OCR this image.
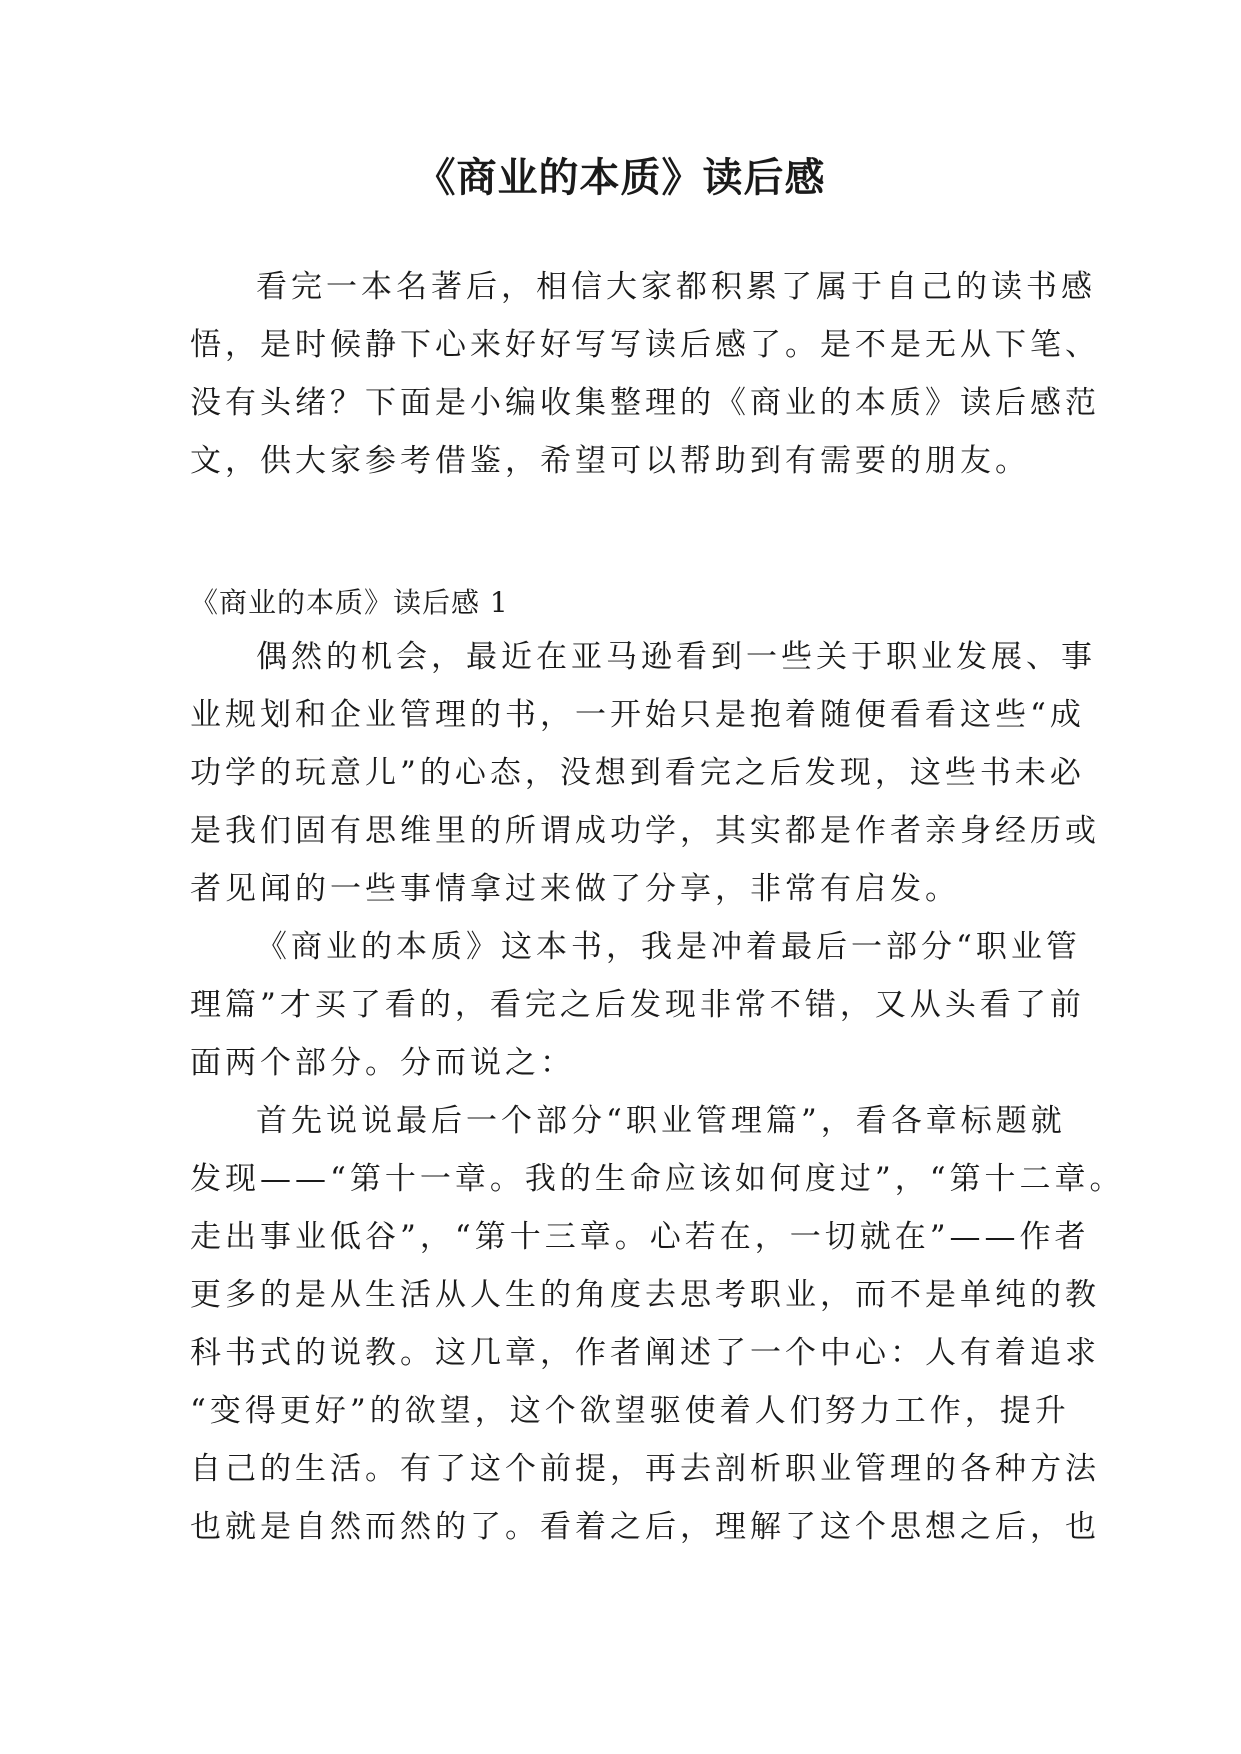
《商业的本质》读后感
看完一本名著后，相信大家都积累了属于自己的读书感
悟，是时候静下心来好好写写读后感了。是不是无从下笔、
没有头绪？下面是小编收集整理的《商业的本质》读后感范
文，供大家参考借鉴，希望可以帮助到有需要的朋友。
《商业的本质》读后感 1
偶然的机会，最近在亚马逊看到一些关于职业发展、事
业规划和企业管理的书，一开始只是抱着随便看看这些“成
功学的玩意儿”的心态，没想到看完之后发现，这些书未必
是我们固有思维里的所谓成功学，其实都是作者亲身经历或
者见闻的一些事情拿过来做了分享，非常有启发。
《商业的本质》这本书，我是冲着最后一部分“职业管
理篇”才买了看的，看完之后发现非常不错，又从头看了前
面两个部分。分而说之：
首先说说最后一个部分“职业管理篇”，看各章标题就
发现——“第十一章。我的生命应该如何度过”，“第十二章。
走出事业低谷”，“第十三章。心若在，一切就在”——作者
更多的是从生活从人生的角度去思考职业，而不是单纯的教
科书式的说教。这几章，作者阐述了一个中心：人有着追求
“变得更好”的欲望，这个欲望驱使着人们努力工作，提升
自己的生活。有了这个前提，再去剖析职业管理的各种方法
也就是自然而然的了。看着之后，理解了这个思想之后，也
